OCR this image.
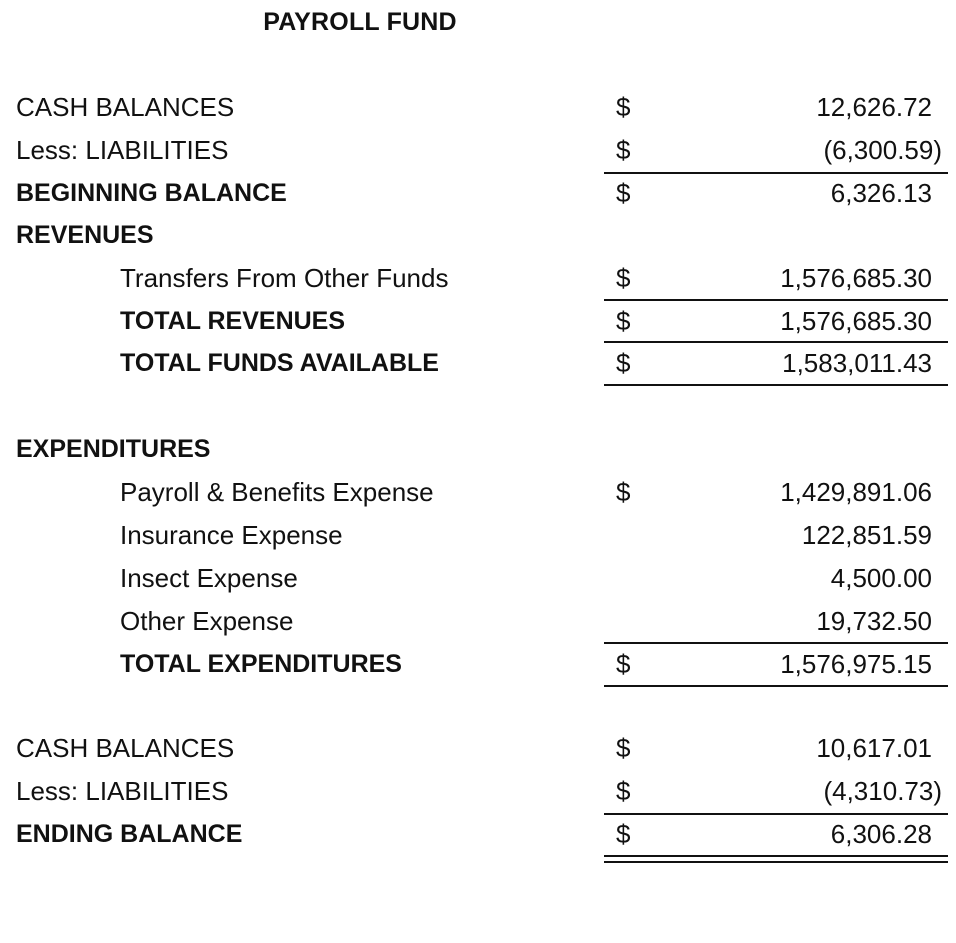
PAYROLL FUND
CASH BALANCES	$	12,626.72
Less: LIABILITIES	$	(6,300.59)
BEGINNING BALANCE	$	6,326.13
REVENUES
Transfers From Other Funds	$	1,576,685.30
TOTAL REVENUES	$	1,576,685.30
TOTAL FUNDS AVAILABLE	$	1,583,011.43
EXPENDITURES
Payroll & Benefits Expense	$	1,429,891.06
Insurance Expense	122,851.59
Insect Expense	4,500.00
Other Expense	19,732.50
TOTAL EXPENDITURES	$	1,576,975.15
CASH BALANCES	$	10,617.01
Less: LIABILITIES	$	(4,310.73)
ENDING BALANCE	$	6,306.28
